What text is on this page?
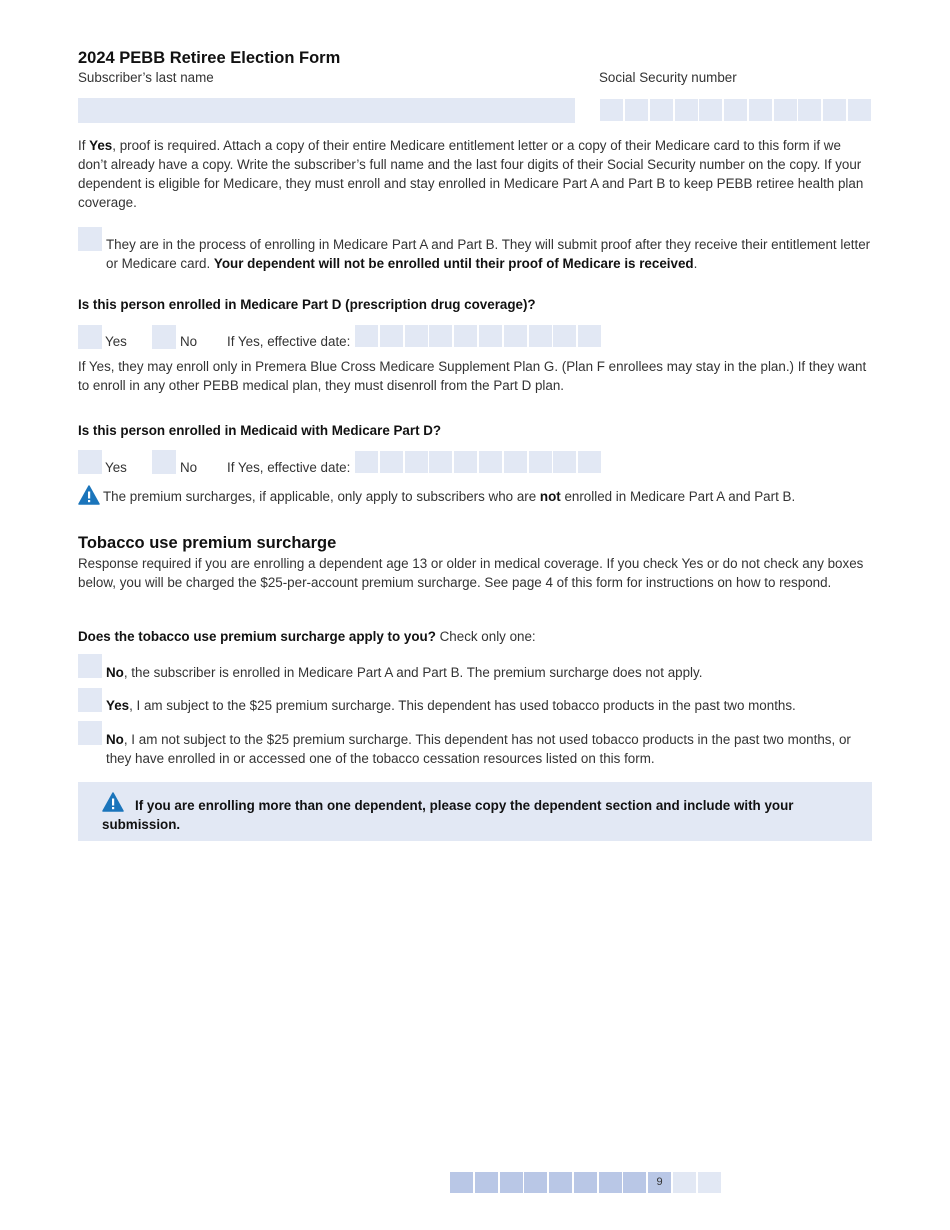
2024 PEBB Retiree Election Form
Subscriber’s last name	Social Security number
If Yes, proof is required. Attach a copy of their entire Medicare entitlement letter or a copy of their Medicare card to this form if we don’t already have a copy. Write the subscriber’s full name and the last four digits of their Social Security number on the copy. If your dependent is eligible for Medicare, they must enroll and stay enrolled in Medicare Part A and Part B to keep PEBB retiree health plan coverage.
They are in the process of enrolling in Medicare Part A and Part B. They will submit proof after they receive their entitlement letter or Medicare card. Your dependent will not be enrolled until their proof of Medicare is received.
Is this person enrolled in Medicare Part D (prescription drug coverage)?
Yes	No If Yes, effective date:
If Yes, they may enroll only in Premera Blue Cross Medicare Supplement Plan G. (Plan F enrollees may stay in the plan.) If they want to enroll in any other PEBB medical plan, they must disenroll from the Part D plan.
Is this person enrolled in Medicaid with Medicare Part D?
Yes	No If Yes, effective date:
The premium surcharges, if applicable, only apply to subscribers who are not enrolled in Medicare Part A and Part B.
Tobacco use premium surcharge
Response required if you are enrolling a dependent age 13 or older in medical coverage. If you check Yes or do not check any boxes below, you will be charged the $25-per-account premium surcharge. See page 4 of this form for instructions on how to respond.
Does the tobacco use premium surcharge apply to you? Check only one:
No, the subscriber is enrolled in Medicare Part A and Part B. The premium surcharge does not apply.
Yes, I am subject to the $25 premium surcharge. This dependent has used tobacco products in the past two months.
No, I am not subject to the $25 premium surcharge. This dependent has not used tobacco products in the past two months, or they have enrolled in or accessed one of the tobacco cessation resources listed on this form.
If you are enrolling more than one dependent, please copy the dependent section and include with your submission.
9
